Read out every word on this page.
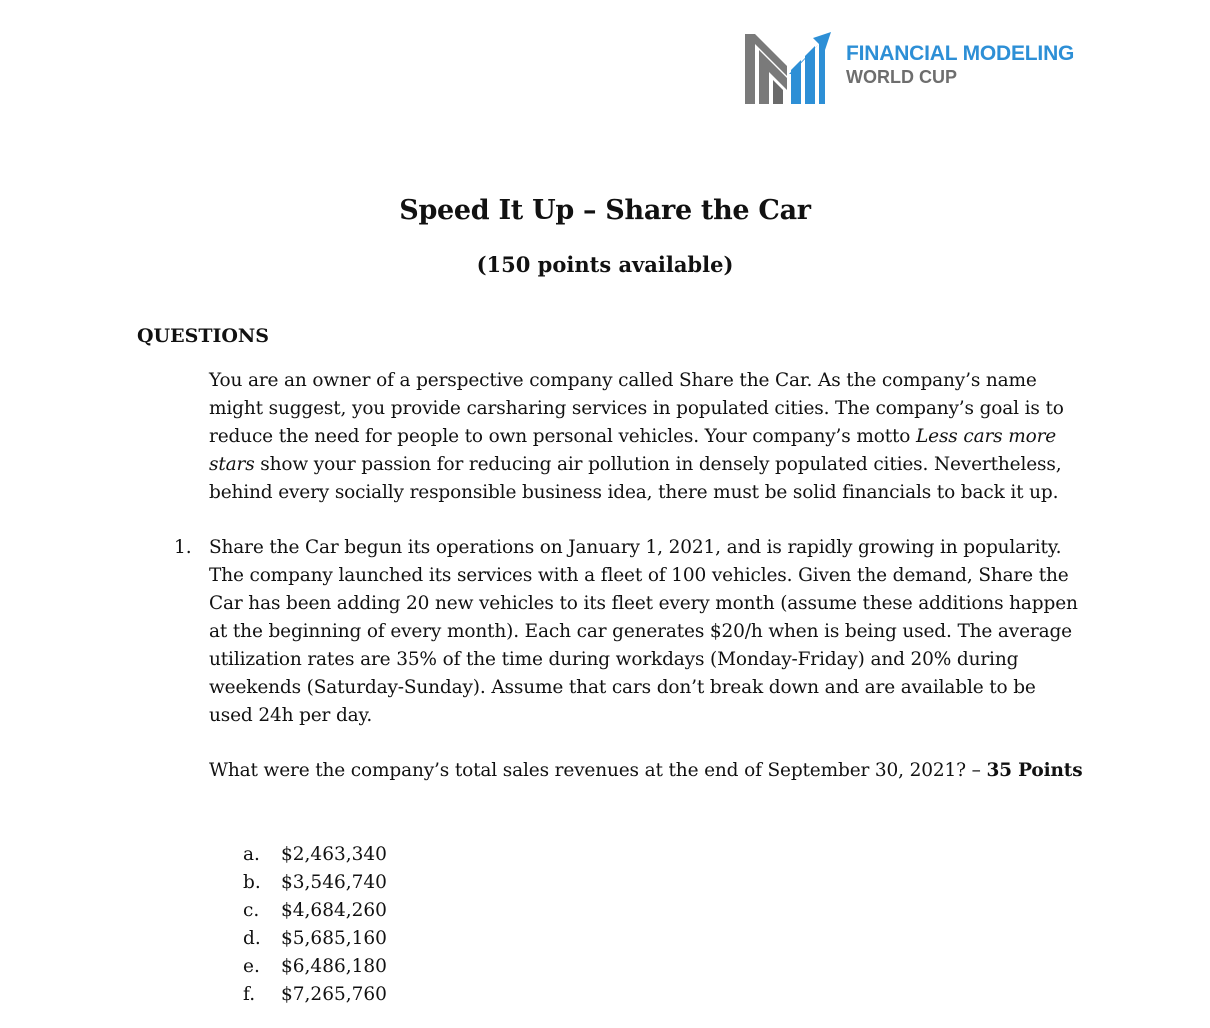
FINANCIAL MODELING
WORLD CUP
Speed It Up – Share the Car
(150 points available)
QUESTIONS
You are an owner of a perspective company called Share the Car. As the company’s name might suggest, you provide carsharing services in populated cities. The company’s goal is to reduce the need for people to own personal vehicles. Your company’s motto Less cars more stars show your passion for reducing air pollution in densely populated cities. Nevertheless, behind every socially responsible business idea, there must be solid financials to back it up.
1. Share the Car begun its operations on January 1, 2021, and is rapidly growing in popularity. The company launched its services with a fleet of 100 vehicles. Given the demand, Share the Car has been adding 20 new vehicles to its fleet every month (assume these additions happen at the beginning of every month). Each car generates $20/h when is being used. The average utilization rates are 35% of the time during workdays (Monday-Friday) and 20% during weekends (Saturday-Sunday). Assume that cars don’t break down and are available to be used 24h per day.
What were the company’s total sales revenues at the end of September 30, 2021? – 35 Points
a.	$2,463,340
b.	$3,546,740
c.	$4,684,260
d.	$5,685,160
e.	$6,486,180
f.	$7,265,760
